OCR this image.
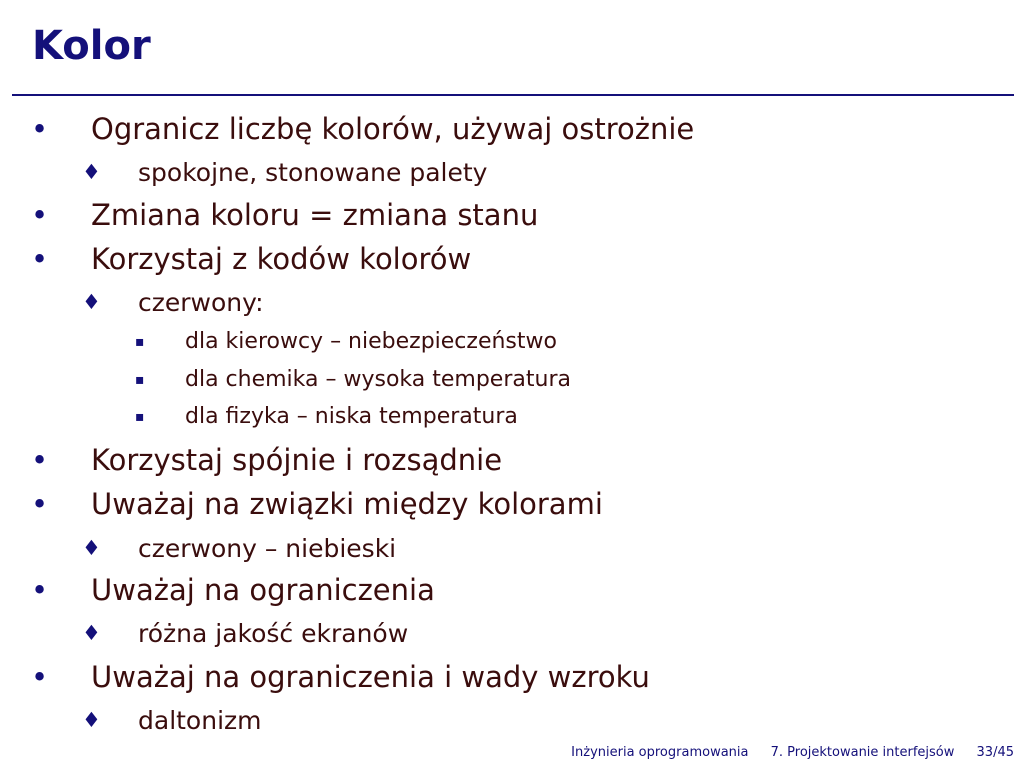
Kolor
• Ogranicz liczbę kolorów, używaj ostrożnie
♦ spokojne, stonowane palety
• Zmiana koloru = zmiana stanu
• Korzystaj z kodów kolorów
♦ czerwony:
▪ dla kierowcy – niebezpieczeństwo
▪ dla chemika – wysoka temperatura
▪ dla fizyka – niska temperatura
• Korzystaj spójnie i rozsądnie
• Uważaj na związki między kolorami
♦ czerwony – niebieski
• Uważaj na ograniczenia
♦ różna jakość ekranów
• Uważaj na ograniczenia i wady wzroku
♦ daltonizm
Inżynieria oprogramowania 7. Projektowanie interfejsów 33/45
